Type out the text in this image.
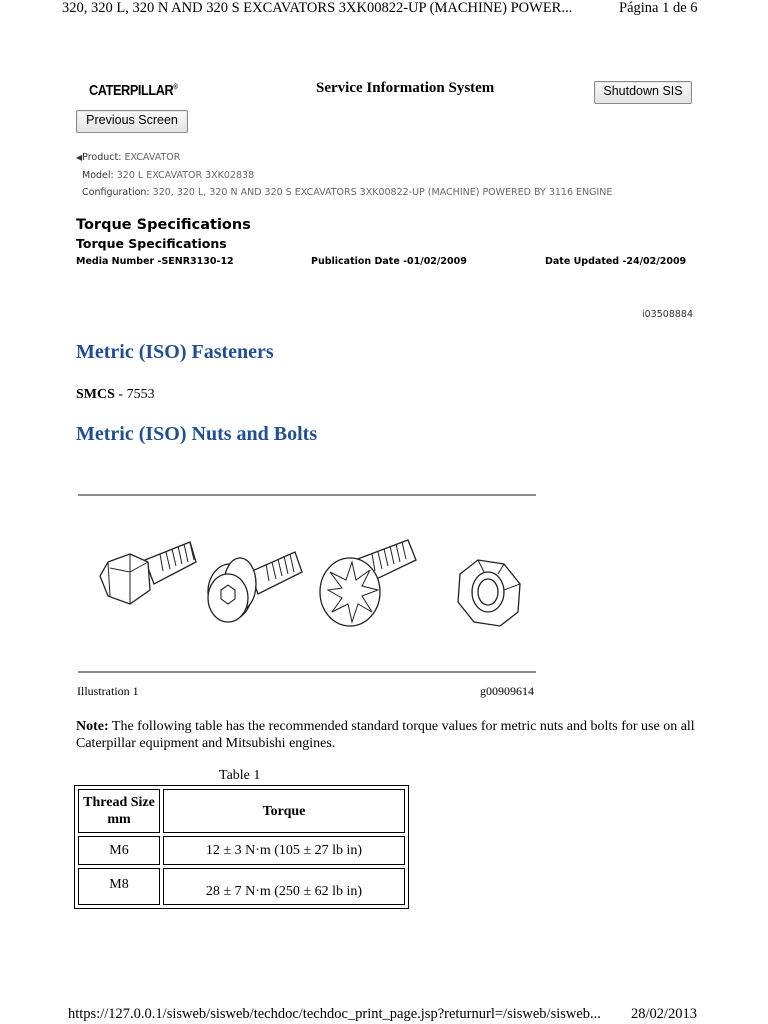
320, 320 L, 320 N AND 320 S EXCAVATORS 3XK00822-UP (MACHINE) POWER...	Página 1 de 6
CATERPILLAR®	Service Information System	Shutdown SIS
Previous Screen
◀Product: EXCAVATOR
Model: 320 L EXCAVATOR 3XK02838
Configuration: 320, 320 L, 320 N AND 320 S EXCAVATORS 3XK00822-UP (MACHINE) POWERED BY 3116 ENGINE
Torque Specifications
Torque Specifications
Media Number -SENR3130-12	Publication Date -01/02/2009	Date Updated -24/02/2009
i03508884
Metric (ISO) Fasteners
SMCS - 7553
Metric (ISO) Nuts and Bolts
Illustration 1	g00909614
Note: The following table has the recommended standard torque values for metric nuts and bolts for use on all Caterpillar equipment and Mitsubishi engines.
Table 1
Thread Size
mm	Torque
M6	12 ± 3 N·m (105 ± 27 lb in)
M8	28 ± 7 N·m (250 ± 62 lb in)
https://127.0.0.1/sisweb/sisweb/techdoc/techdoc_print_page.jsp?returnurl=/sisweb/sisweb... 28/02/2013
